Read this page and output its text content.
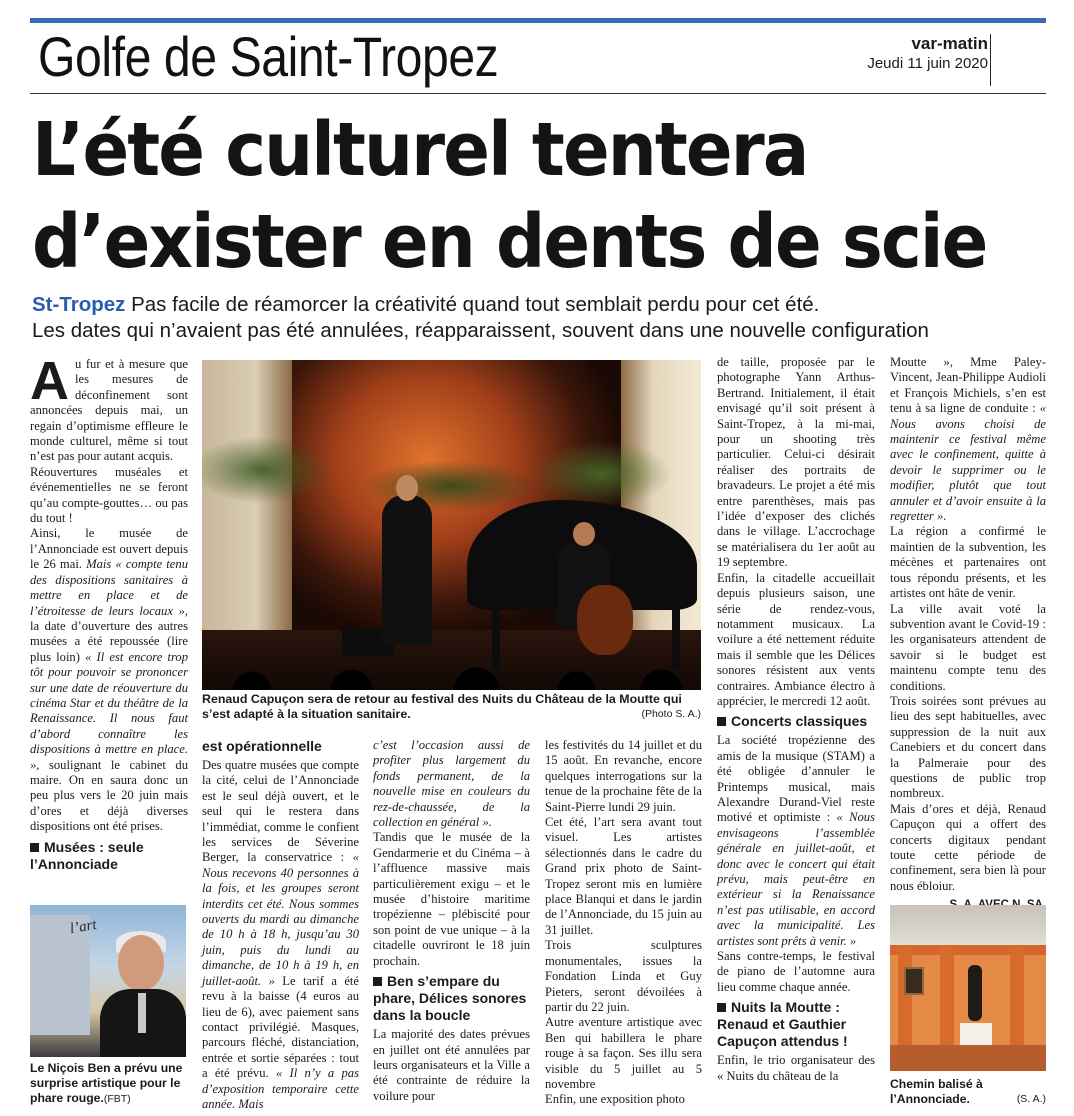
Golfe de Saint-Tropez	var-matin
Jeudi 11 juin 2020
L’été culturel tentera
d’exister en dents de scie
St-Tropez Pas facile de réamorcer la créativité quand tout semblait perdu pour cet été.
Les dates qui n’avaient pas été annulées, réapparaissent, souvent dans une nouvelle configuration

Au fur et à mesure que les mesures de déconfinement sont annoncées depuis mai, un regain d’optimisme effleure le monde culturel, même si tout n’est pas pour autant acquis.

Réouvertures muséales et événementielles ne se feront qu’au compte-gouttes… ou pas du tout !

Ainsi, le musée de l’Annonciade est ouvert depuis le 26 mai. Mais « compte tenu des dispositions sanitaires à mettre en place et de l’étroitesse de leurs locaux », la date d’ouverture des autres musées a été repoussée (lire plus loin) « Il est encore trop tôt pour pouvoir se prononcer sur une date de réouverture du cinéma Star et du théâtre de la Renaissance. Il nous faut d’abord connaître les dispositions à mettre en place. », soulignant le cabinet du maire. On en saura donc un peu plus vers le 20 juin mais d’ores et déjà diverses dispositions ont été prises.

Musées : seule l’Annonciade
l’art
Le Niçois Ben a prévu une surprise artistique pour le phare rouge.(FBT)
Renaud Capuçon sera de retour au festival des Nuits du Château de la Moutte qui s’est adapté à la situation sanitaire.	(Photo S. A.)
est opérationnelle

Des quatre musées que compte la cité, celui de l’Annonciade est le seul déjà ouvert, et le seul qui le restera dans l’immédiat, comme le confient les services de Séverine Berger, la conservatrice : « Nous recevons 40 personnes à la fois, et les groupes seront interdits cet été. Nous sommes ouverts du mardi au dimanche de 10 h à 18 h, jusqu’au 30 juin, puis du lundi au dimanche, de 10 h à 19 h, en juillet-août. » Le tarif a été revu à la baisse (4 euros au lieu de 6), avec paiement sans contact privilégié. Masques, parcours fléché, distanciation, entrée et sortie séparées : tout a été prévu. « Il n’y a pas d’exposition temporaire cette année. Mais

c’est l’occasion aussi de profiter plus largement du fonds permanent, de la nouvelle mise en couleurs du rez-de-chaussée, de la collection en général ».

Tandis que le musée de la Gendarmerie et du Cinéma – à l’affluence massive mais particulièrement exigu – et le musée d’histoire maritime tropézienne – plébiscité pour son point de vue unique – à la citadelle ouvriront le 18 juin prochain.

Ben s’empare du phare, Délices sonores dans la boucle

La majorité des dates prévues en juillet ont été annulées par leurs organisateurs et la Ville a été contrainte de réduire la voilure pour

les festivités du 14 juillet et du 15 août. En revanche, encore quelques interrogations sur la tenue de la prochaine fête de la Saint-Pierre lundi 29 juin.

Cet été, l’art sera avant tout visuel. Les artistes sélectionnés dans le cadre du Grand prix photo de Saint-Tropez seront mis en lumière place Blanqui et dans le jardin de l’Annonciade, du 15 juin au 31 juillet.

Trois sculptures monumentales, issues la Fondation Linda et Guy Pieters, seront dévoilées à partir du 22 juin.

Autre aventure artistique avec Ben qui habillera le phare rouge à sa façon. Ses illu sera visible du 5 juillet au 5 novembre

Enfin, une exposition photo

de taille, proposée par le photographe Yann Arthus-Bertrand. Initialement, il était envisagé qu’il soit présent à Saint-Tropez, à la mi-mai, pour un shooting très particulier. Celui-ci désirait réaliser des portraits de bravadeurs. Le projet a été mis entre parenthèses, mais pas l’idée d’exposer des clichés dans le village. L’accrochage se matérialisera du 1er août au 19 septembre.

Enfin, la citadelle accueillait depuis plusieurs saison, une série de rendez-vous, notamment musicaux. La voilure a été nettement réduite mais il semble que les Délices sonores résistent aux vents contraires. Ambiance électro à apprécier, le mercredi 12 août.

Concerts classiques

La société tropézienne des amis de la musique (STAM) a été obligée d’annuler le Printemps musical, mais Alexandre Durand-Viel reste motivé et optimiste : « Nous envisageons l’assemblée générale en juillet-août, et donc avec le concert qui était prévu, mais peut-être en extérieur si la Renaissance n’est pas utilisable, en accord avec la municipalité. Les artistes sont prêts à venir. »

Sans contre-temps, le festival de piano de l’automne aura lieu comme chaque année.

Nuits la Moutte : Renaud et Gauthier Capuçon attendus !

Enfin, le trio organisateur des « Nuits du château de la

Moutte », Mme Paley-Vincent, Jean-Philippe Audioli et François Michiels, s’en est tenu à sa ligne de conduite : « Nous avons choisi de maintenir ce festival même avec le confinement, quitte à devoir le supprimer ou le modifier, plutôt que tout annuler et d’avoir ensuite à la regretter ».

La région a confirmé le maintien de la subvention, les mécènes et partenaires ont tous répondu présents, et les artistes ont hâte de venir.

La ville avait voté la subvention avant le Covid-19 : les organisateurs attendent de savoir si le budget est maintenu compte tenu des conditions.

Trois soirées sont prévues au lieu des sept habituelles, avec suppression de la nuit aux Canebiers et du concert dans la Palmeraie pour des questions de public trop nombreux.

Mais d’ores et déjà, Renaud Capuçon qui a offert des concerts digitaux pendant toute cette période de confinement, sera bien là pour nous ébloiur.

Chemin balisé à l’Annonciade.	(S. A.)
